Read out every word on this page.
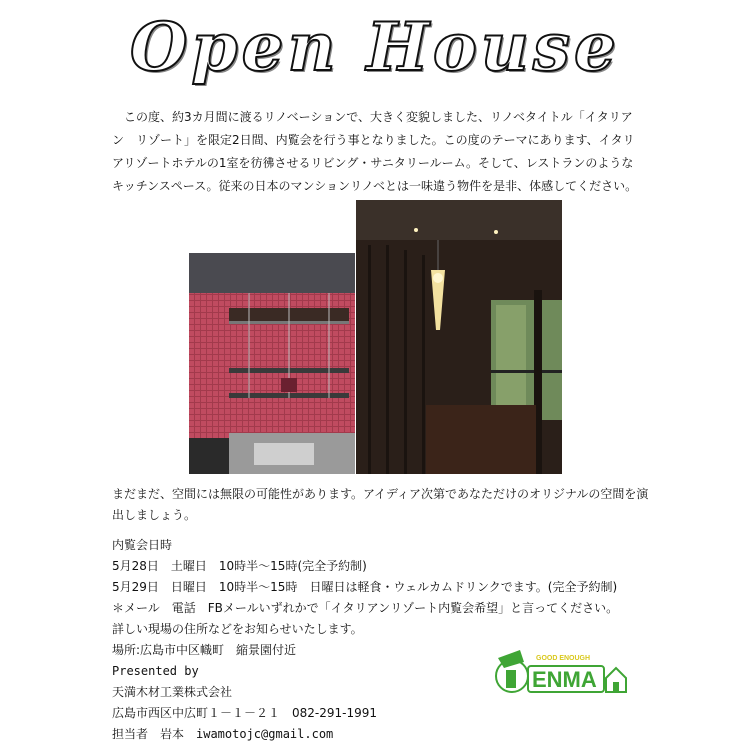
Open House
この度、約3カ月間に渡るリノベーションで、大きく変貌しました、リノベタイトル「イタリアン　リゾート」を限定2日間、内覧会を行う事となりました。この度のテーマにあります、イタリアリゾートホテルの1室を彷彿させるリビング・サニタリールーム。そして、レストランのようなキッチンスペース。従来の日本のマンションリノベとは一味違う物件を是非、体感してください。
まだまだ、空間には無限の可能性があります。アイディア次第であなただけのオリジナルの空間を演出しましょう。
内覧会日時
5月28日　土曜日　10時半～15時(完全予約制)
5月29日　日曜日　10時半～15時　日曜日は軽食・ウェルカムドリンクでます。(完全予約制)
＊メール　電話　FBメールいずれかで「イタリアンリゾート内覧会希望」と言ってください。
詳しい現場の住所などをお知らせいたします。
場所:広島市中区幟町　縮景園付近
Presented by
天満木材工業株式会社
広島市西区中広町１－１－２１　082-291-1991
担当者　岩本　iwamotojc@gmail.com
GOOD ENOUGH
ENMA
